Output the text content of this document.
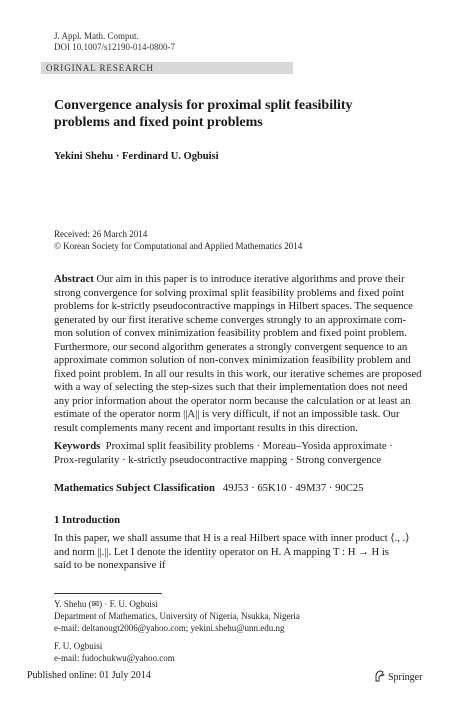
J. Appl. Math. Comput.
DOI 10.1007/s12190-014-0800-7
ORIGINAL RESEARCH
Convergence analysis for proximal split feasibility
problems and fixed point problems
Yekini Shehu · Ferdinard U. Ogbuisi
Received: 26 March 2014
© Korean Society for Computational and Applied Mathematics 2014
Abstract Our aim in this paper is to introduce iterative algorithms and prove their
strong convergence for solving proximal split feasibility problems and fixed point
problems for k-strictly pseudocontractive mappings in Hilbert spaces. The sequence
generated by our first iterative scheme converges strongly to an approximate com-
mon solution of convex minimization feasibility problem and fixed point problem.
Furthermore, our second algorithm generates a strongly convergent sequence to an
approximate common solution of non-convex minimization feasibility problem and
fixed point problem. In all our results in this work, our iterative schemes are proposed
with a way of selecting the step-sizes such that their implementation does not need
any prior information about the operator norm because the calculation or at least an
estimate of the operator norm ||A|| is very difficult, if not an impossible task. Our
result complements many recent and important results in this direction.
Keywords Proximal split feasibility problems · Moreau–Yosida approximate ·
Prox-regularity · k-strictly pseudocontractive mapping · Strong convergence
Mathematics Subject Classification 49J53 · 65K10 · 49M37 · 90C25
1 Introduction
In this paper, we shall assume that H is a real Hilbert space with inner product ⟨., .⟩
and norm ||.||. Let I denote the identity operator on H. A mapping T : H → H is
said to be nonexpansive if
Y. Shehu (✉) · F. U. Ogbuisi
Department of Mathematics, University of Nigeria, Nsukka, Nigeria
e-mail: deltanougt2006@yahoo.com; yekini.shehu@unn.edu.ng
F. U. Ogbuisi
e-mail: fudochukwu@yahoo.com
Published online: 01 July 2014	Springer
